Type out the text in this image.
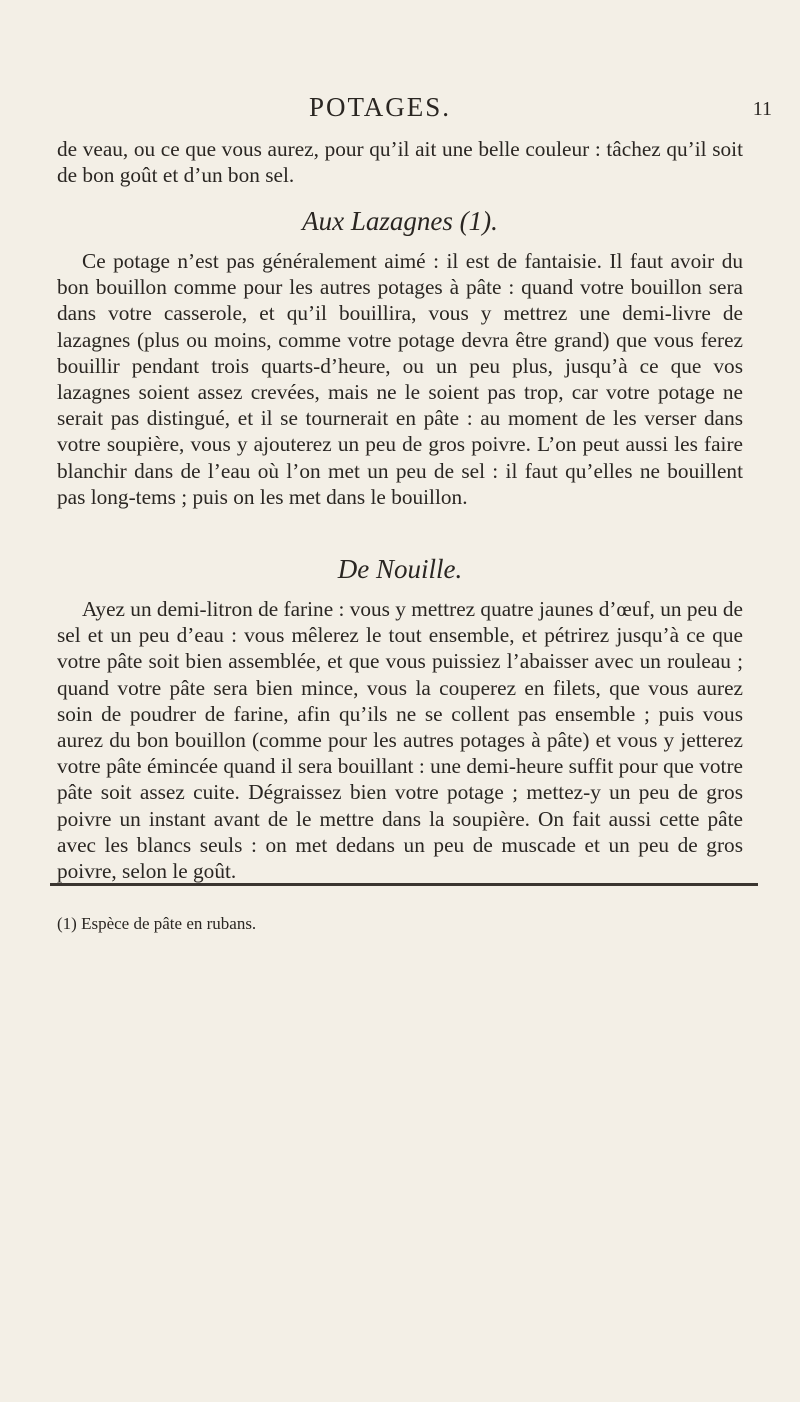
POTAGES.	11

de veau, ou ce que vous aurez, pour qu’il ait une belle couleur : tâchez qu’il soit de bon goût et d’un bon sel.

Aux Lazagnes (1).

Ce potage n’est pas généralement aimé : il est de fantaisie. Il faut avoir du bon bouillon comme pour les autres potages à pâte : quand votre bouillon sera dans votre casserole, et qu’il bouillira, vous y mettrez une demi-livre de lazagnes (plus ou moins, comme votre potage devra être grand) que vous ferez bouillir pendant trois quarts-d’heure, ou un peu plus, jusqu’à ce que vos lazagnes soient assez crevées, mais ne le soient pas trop, car votre potage ne serait pas distingué, et il se tournerait en pâte : au moment de les verser dans votre soupière, vous y ajouterez un peu de gros poivre. L’on peut aussi les faire blanchir dans de l’eau où l’on met un peu de sel : il faut qu’elles ne bouillent pas long-tems ; puis on les met dans le bouillon.

De Nouille.

Ayez un demi-litron de farine : vous y mettrez quatre jaunes d’œuf, un peu de sel et un peu d’eau : vous mêlerez le tout ensemble, et pétrirez jusqu’à ce que votre pâte soit bien assemblée, et que vous puissiez l’abaisser avec un rouleau ; quand votre pâte sera bien mince, vous la couperez en filets, que vous aurez soin de poudrer de farine, afin qu’ils ne se collent pas ensemble ; puis vous aurez du bon bouillon (comme pour les autres potages à pâte) et vous y jetterez votre pâte émincée quand il sera bouillant : une demi-heure suffit pour que votre pâte soit assez cuite. Dégraissez bien votre potage ; mettez-y un peu de gros poivre un instant avant de le mettre dans la soupière. On fait aussi cette pâte avec les blancs seuls : on met dedans un peu de muscade et un peu de gros poivre, selon le goût.

(1) Espèce de pâte en rubans.
